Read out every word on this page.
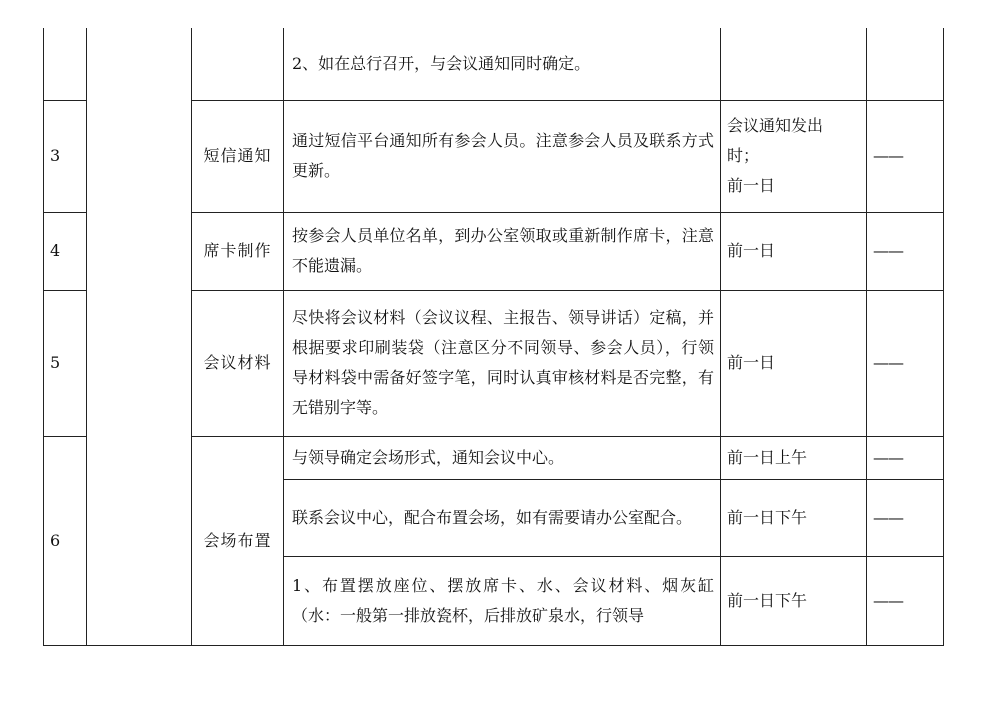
			2、如在总行召开，与会议通知同时确定。		
3		短信通知	通过短信平台通知所有参会人员。注意参会人员及联系方式更新。	会议通知发出
时；
前一日	——
4		席卡制作	按参会人员单位名单，到办公室领取或重新制作席卡，注意不能遗漏。	前一日	——
5		会议材料	尽快将会议材料（会议议程、主报告、领导讲话）定稿，并根据要求印刷装袋（注意区分不同领导、参会人员），行领导材料袋中需备好签字笔，同时认真审核材料是否完整，有无错别字等。	前一日	——
6		会场布置	与领导确定会场形式，通知会议中心。	前一日上午	——
			联系会议中心，配合布置会场，如有需要请办公室配合。	前一日下午	——

			1、布置摆放座位、摆放席卡、水、会议材料、烟灰缸（水：一般第一排放瓷杯，后排放矿泉水，行领导	前一日下午	——
